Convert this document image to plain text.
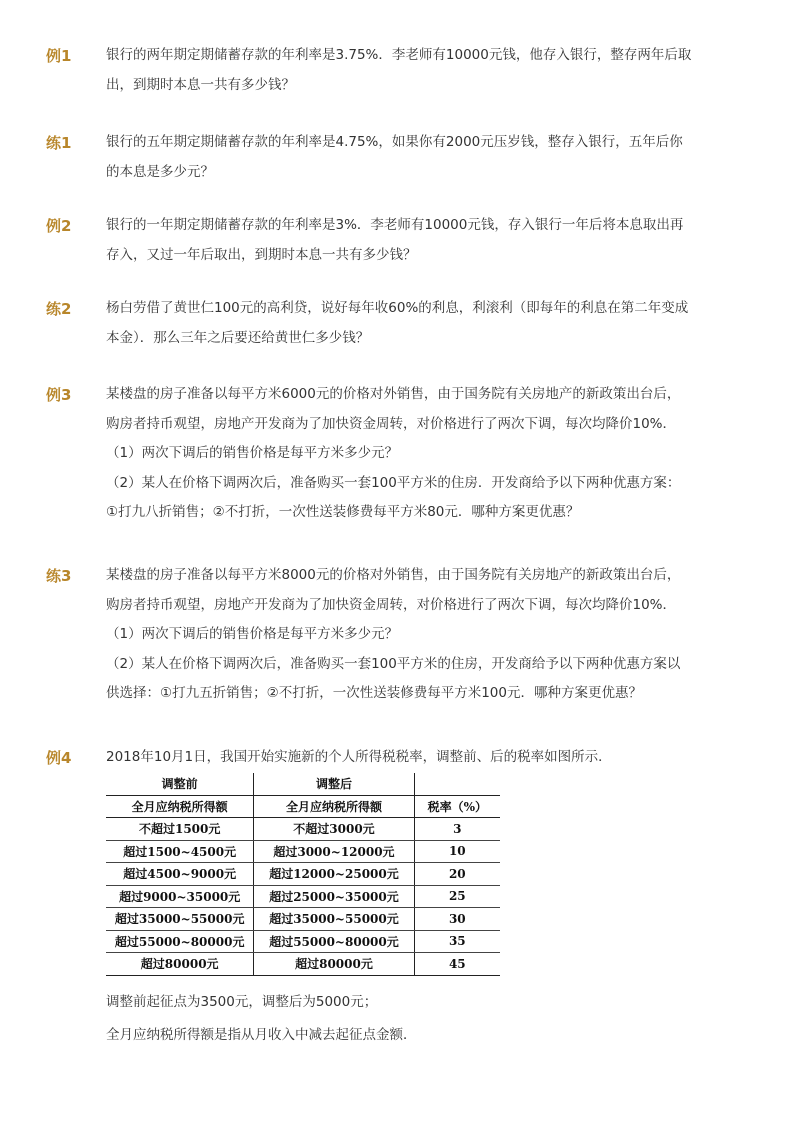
例1	银行的两年期定期储蓄存款的年利率是3.75%．李老师有10000元钱，他存入银行，整存两年后取

出，到期时本息一共有多少钱？

练1	银行的五年期定期储蓄存款的年利率是4.75%，如果你有2000元压岁钱，整存入银行，五年后你

的本息是多少元？

例2	银行的一年期定期储蓄存款的年利率是3%．李老师有10000元钱，存入银行一年后将本息取出再

存入，又过一年后取出，到期时本息一共有多少钱？

练2	杨白劳借了黄世仁100元的高利贷，说好每年收60%的利息，利滚利（即每年的利息在第二年变成

本金）．那么三年之后要还给黄世仁多少钱？

例3	某楼盘的房子准备以每平方米6000元的价格对外销售，由于国务院有关房地产的新政策出台后，

购房者持币观望，房地产开发商为了加快资金周转，对价格进行了两次下调，每次均降价10%．

（1）两次下调后的销售价格是每平方米多少元？

（2）某人在价格下调两次后，准备购买一套100平方米的住房．开发商给予以下两种优惠方案：

①打九八折销售；②不打折，一次性送装修费每平方米80元．哪种方案更优惠？

练3	某楼盘的房子准备以每平方米8000元的价格对外销售，由于国务院有关房地产的新政策出台后，

购房者持币观望，房地产开发商为了加快资金周转，对价格进行了两次下调，每次均降价10%．

（1）两次下调后的销售价格是每平方米多少元？

（2）某人在价格下调两次后，准备购买一套100平方米的住房，开发商给予以下两种优惠方案以

供选择：①打九五折销售；②不打折，一次性送装修费每平方米100元．哪种方案更优惠？

例4	2018年10月1日，我国开始实施新的个人所得税税率，调整前、后的税率如图所示．

调整前	调整后	
全月应纳税所得额	全月应纳税所得额	税率（%）
不超过1500元	不超过3000元	3
超过1500~4500元	超过3000~12000元	10
超过4500~9000元	超过12000~25000元	20
超过9000~35000元	超过25000~35000元	25
超过35000~55000元	超过35000~55000元	30
超过55000~80000元	超过55000~80000元	35
超过80000元	超过80000元	45
调整前起征点为3500元，调整后为5000元；
全月应纳税所得额是指从月收入中减去起征点金额．
